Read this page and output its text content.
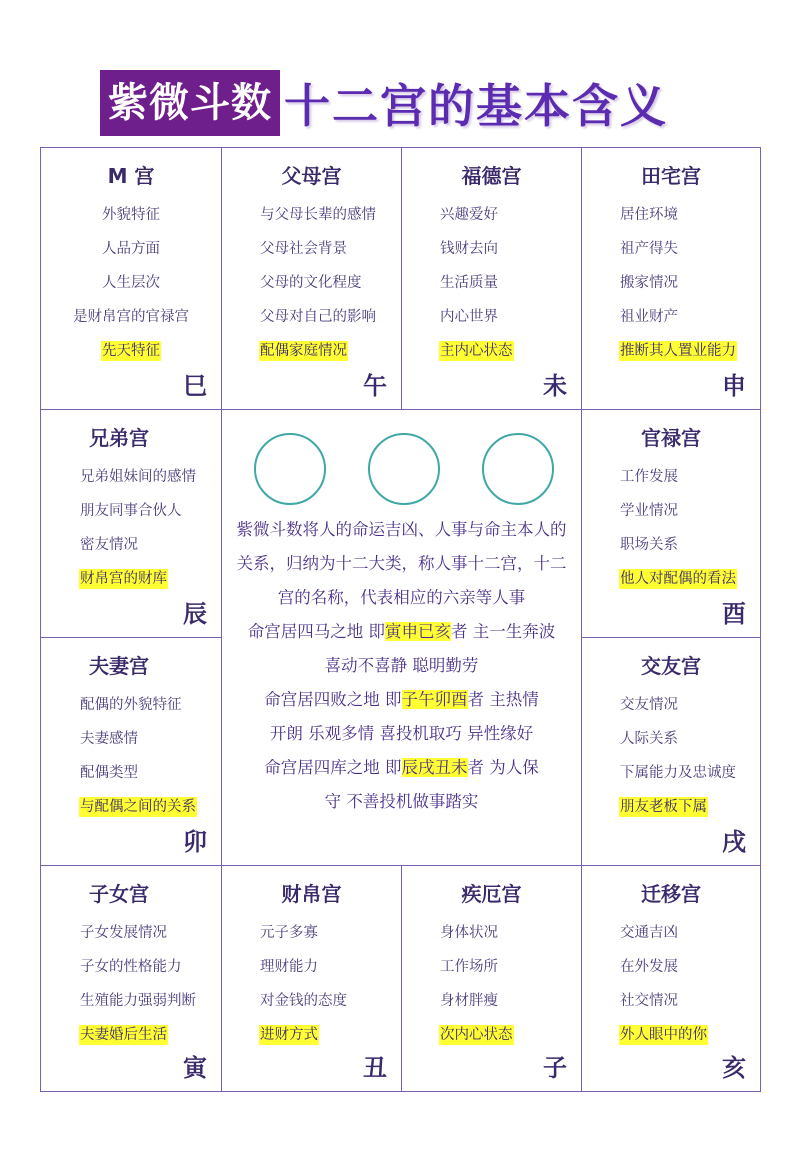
紫微斗数 十二宫的基本含义
M 宫
外貌特征
人品方面
人生层次
是财帛宫的官禄宫
先天特征
巳
父母宫
与父母长辈的感情
父母社会背景
父母的文化程度
父母对自己的影响
配偶家庭情况
午
福德宫
兴趣爱好
钱财去向
生活质量
内心世界
主内心状态
未
田宅宫
居住环境
祖产得失
搬家情况
祖业财产
推断其人置业能力
申
兄弟宫
兄弟姐妹间的感情
朋友同事合伙人
密友情况
财帛宫的财库
辰
官禄宫
工作发展
学业情况
职场关系
他人对配偶的看法
酉
夫妻宫
配偶的外貌特征
夫妻感情
配偶类型
与配偶之间的关系
卯
交友宫
交友情况
人际关系
下属能力及忠诚度
朋友老板下属
戌

紫微斗数将人的命运吉凶、人事与命主本人的

关系，归纳为十二大类，称人事十二宫，十二

宫的名称，代表相应的六亲等人事

命宫居四马之地 即寅申已亥者 主一生奔波

喜动不喜静 聪明勤劳

命宫居四败之地 即子午卯酉者 主热情

开朗 乐观多情 喜投机取巧 异性缘好

命宫居四库之地 即辰戌丑未者 为人保

守 不善投机做事踏实

子女宫
子女发展情况
子女的性格能力
生殖能力强弱判断
夫妻婚后生活
寅
财帛宫
元子多寡
理财能力
对金钱的态度
进财方式
丑
疾厄宫
身体状况
工作场所
身材胖瘦
次内心状态
子
迁移宫
交通吉凶
在外发展
社交情况
外人眼中的你
亥
